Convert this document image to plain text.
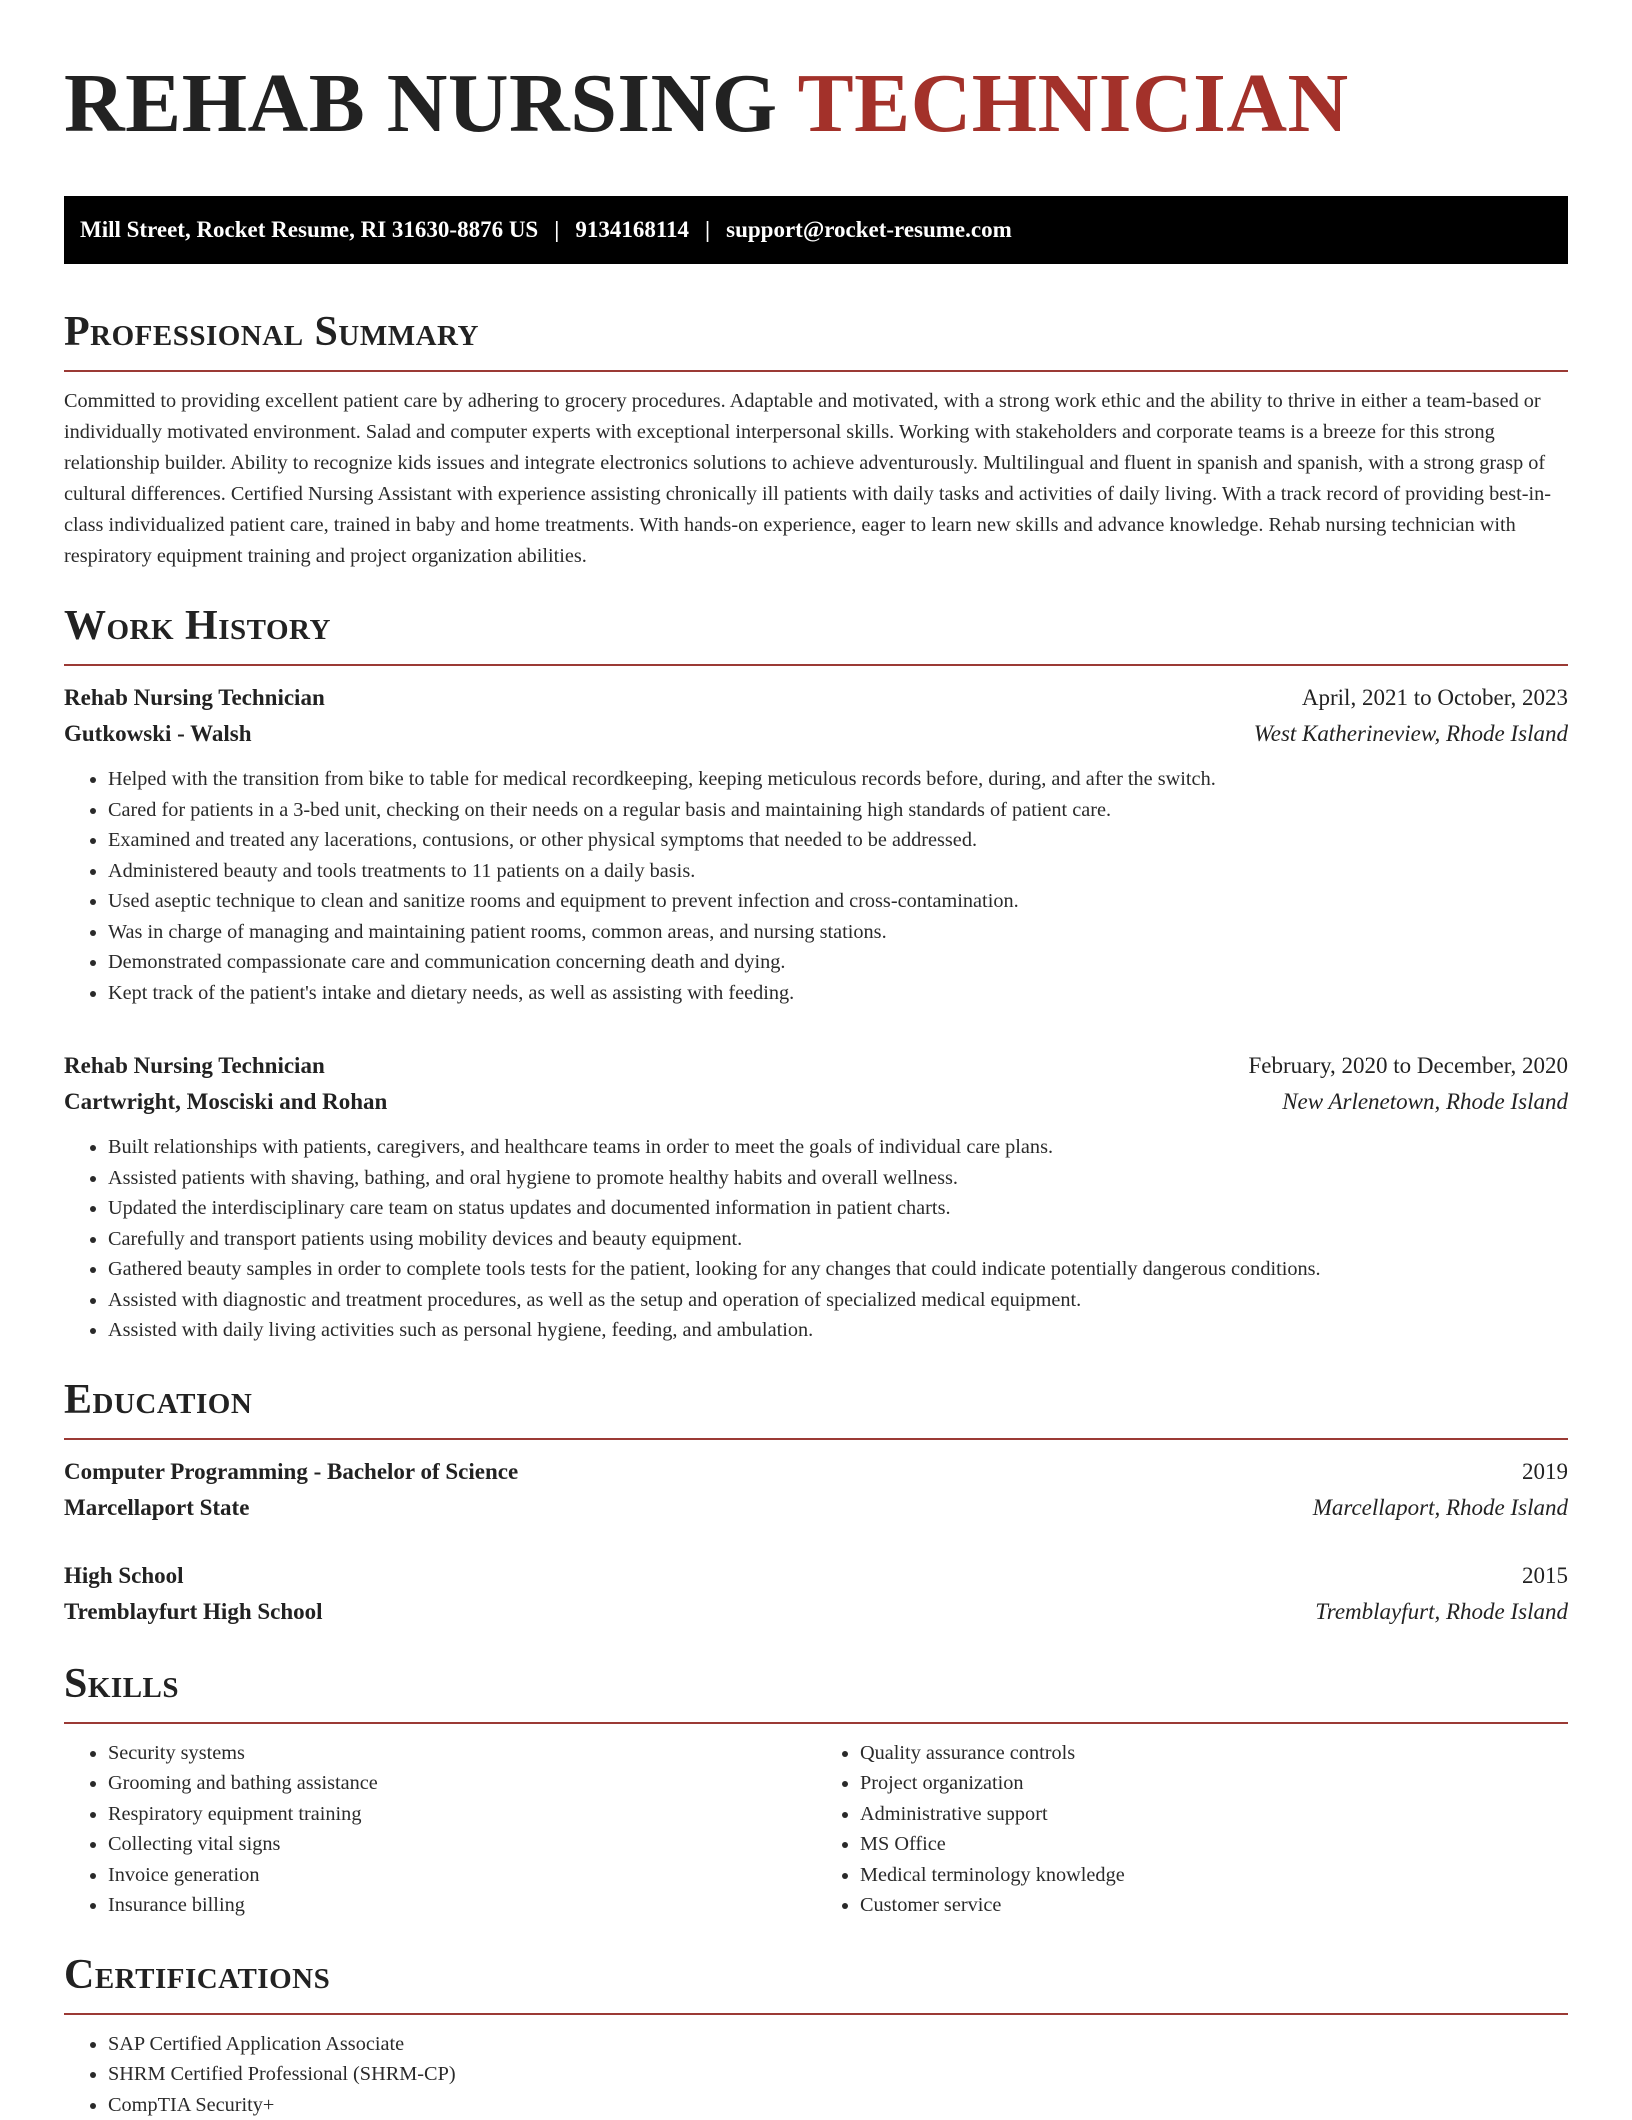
REHAB NURSING TECHNICIAN
Mill Street, Rocket Resume, RI 31630-8876 US | 9134168114 | support@rocket-resume.com
Professional Summary

Committed to providing excellent patient care by adhering to grocery procedures. Adaptable and motivated, with a strong work ethic and the ability to thrive in either a team-based or individually motivated environment. Salad and computer experts with exceptional interpersonal skills. Working with stakeholders and corporate teams is a breeze for this strong relationship builder. Ability to recognize kids issues and integrate electronics solutions to achieve adventurously. Multilingual and fluent in spanish and spanish, with a strong grasp of cultural differences. Certified Nursing Assistant with experience assisting chronically ill patients with daily tasks and activities of daily living. With a track record of providing best-in-class individualized patient care, trained in baby and home treatments. With hands-on experience, eager to learn new skills and advance knowledge. Rehab nursing technician with respiratory equipment training and project organization abilities.

Work History
Rehab Nursing Technician	April, 2021 to October, 2023
Gutkowski - Walsh	West Katherineview, Rhode Island
• Helped with the transition from bike to table for medical recordkeeping, keeping meticulous records before, during, and after the switch.
• Cared for patients in a 3-bed unit, checking on their needs on a regular basis and maintaining high standards of patient care.
• Examined and treated any lacerations, contusions, or other physical symptoms that needed to be addressed.
• Administered beauty and tools treatments to 11 patients on a daily basis.
• Used aseptic technique to clean and sanitize rooms and equipment to prevent infection and cross-contamination.
• Was in charge of managing and maintaining patient rooms, common areas, and nursing stations.
• Demonstrated compassionate care and communication concerning death and dying.
• Kept track of the patient's intake and dietary needs, as well as assisting with feeding.
Rehab Nursing Technician	February, 2020 to December, 2020
Cartwright, Mosciski and Rohan	New Arlenetown, Rhode Island
• Built relationships with patients, caregivers, and healthcare teams in order to meet the goals of individual care plans.
• Assisted patients with shaving, bathing, and oral hygiene to promote healthy habits and overall wellness.
• Updated the interdisciplinary care team on status updates and documented information in patient charts.
• Carefully and transport patients using mobility devices and beauty equipment.
• Gathered beauty samples in order to complete tools tests for the patient, looking for any changes that could indicate potentially dangerous conditions.
• Assisted with diagnostic and treatment procedures, as well as the setup and operation of specialized medical equipment.
• Assisted with daily living activities such as personal hygiene, feeding, and ambulation.
Education
Computer Programming - Bachelor of Science	2019
Marcellaport State	Marcellaport, Rhode Island
High School	2015
Tremblayfurt High School	Tremblayfurt, Rhode Island
Skills
• Security systems
• Grooming and bathing assistance
• Respiratory equipment training
• Collecting vital signs
• Invoice generation
• Insurance billing
• Quality assurance controls
• Project organization
• Administrative support
• MS Office
• Medical terminology knowledge
• Customer service
Certifications
• SAP Certified Application Associate
• SHRM Certified Professional (SHRM-CP)
• CompTIA Security+
